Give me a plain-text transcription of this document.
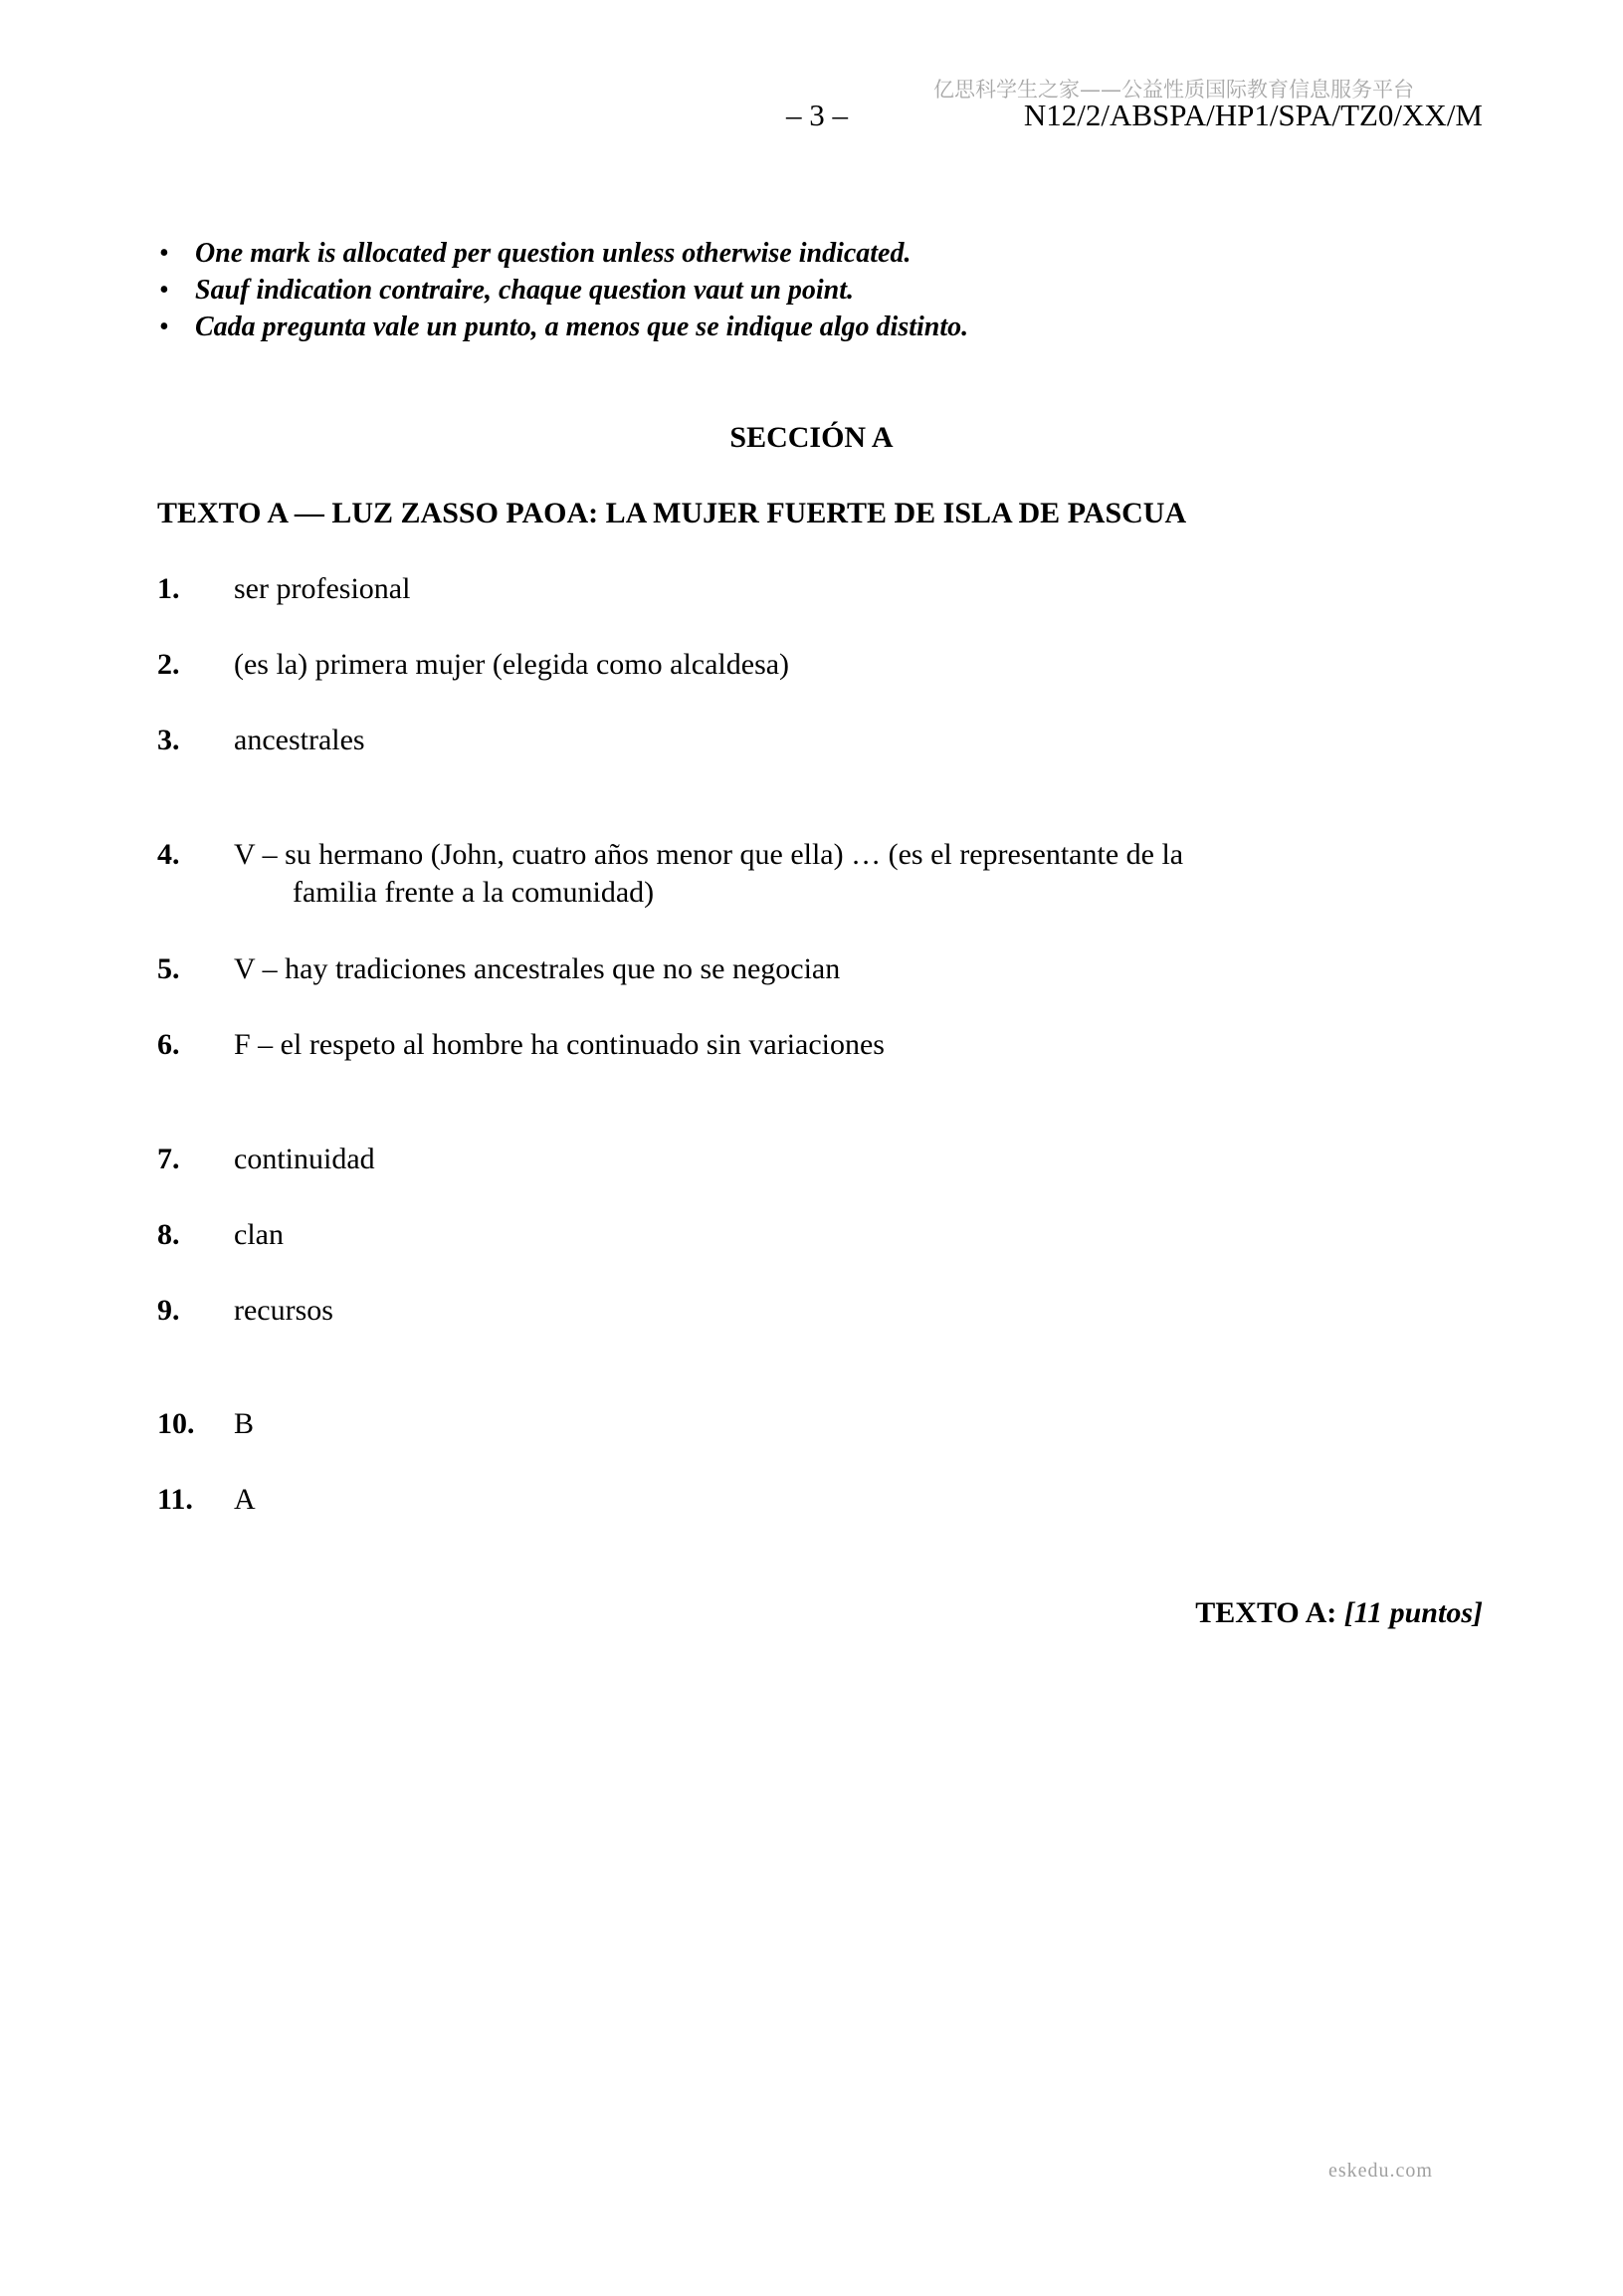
亿思科学生之家——公益性质国际教育信息服务平台
– 3 –	N12/2/ABSPA/HP1/SPA/TZ0/XX/M
• One mark is allocated per question unless otherwise indicated.
• Sauf indication contraire, chaque question vaut un point.
• Cada pregunta vale un punto, a menos que se indique algo distinto.
SECCIÓN A
TEXTO A — LUZ ZASSO PAOA: LA MUJER FUERTE DE ISLA DE PASCUA
1. ser profesional
2. (es la) primera mujer (elegida como alcaldesa)
3. ancestrales
4. V – su hermano (John, cuatro años menor que ella) … (es el representante de la
familia frente a la comunidad)
5. V – hay tradiciones ancestrales que no se negocian
6. F – el respeto al hombre ha continuado sin variaciones
7. continuidad
8. clan
9. recursos
10. B
11. A
TEXTO A: [11 puntos]
eskedu.com
